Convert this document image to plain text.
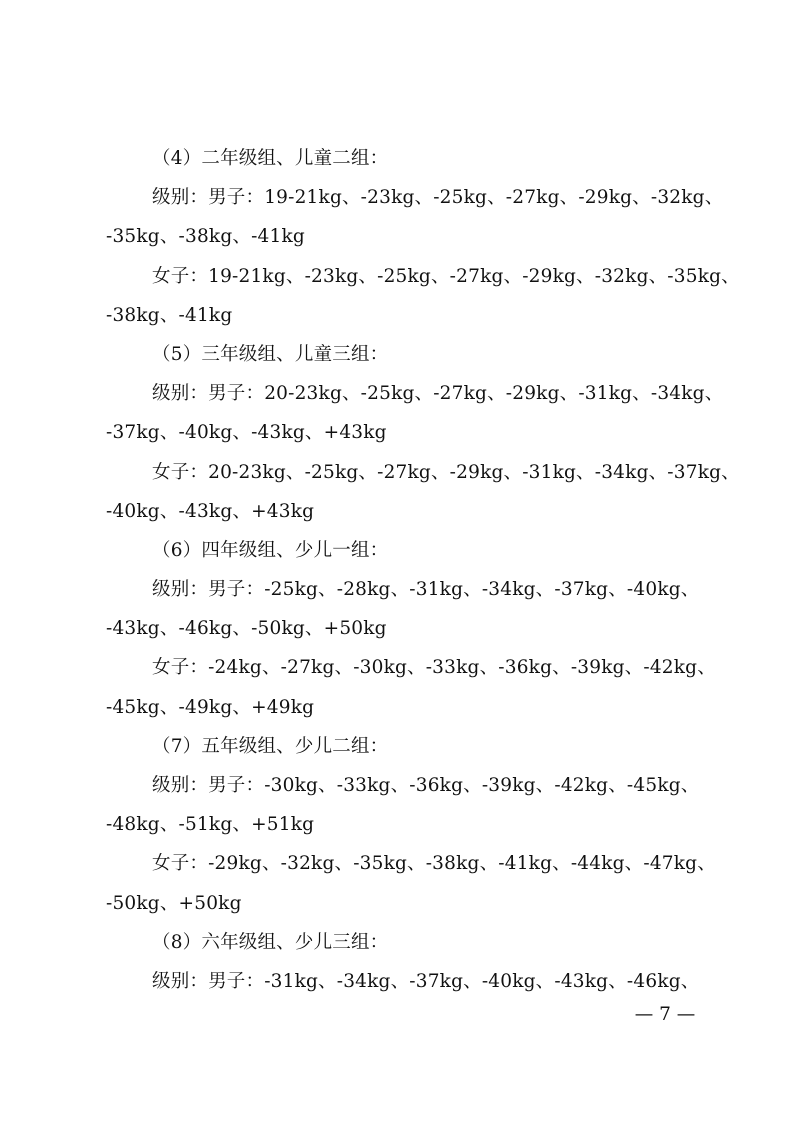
（4）二年级组、儿童二组：
级别：男子：19-21kg、-23kg、-25kg、-27kg、-29kg、-32kg、
-35kg、-38kg、-41kg
女子：19-21kg、-23kg、-25kg、-27kg、-29kg、-32kg、-35kg、
-38kg、-41kg
（5）三年级组、儿童三组：
级别：男子：20-23kg、-25kg、-27kg、-29kg、-31kg、-34kg、
-37kg、-40kg、-43kg、+43kg
女子：20-23kg、-25kg、-27kg、-29kg、-31kg、-34kg、-37kg、
-40kg、-43kg、+43kg
（6）四年级组、少儿一组：
级别：男子：-25kg、-28kg、-31kg、-34kg、-37kg、-40kg、
-43kg、-46kg、-50kg、+50kg
女子：-24kg、-27kg、-30kg、-33kg、-36kg、-39kg、-42kg、
-45kg、-49kg、+49kg
（7）五年级组、少儿二组：
级别：男子：-30kg、-33kg、-36kg、-39kg、-42kg、-45kg、
-48kg、-51kg、+51kg
女子：-29kg、-32kg、-35kg、-38kg、-41kg、-44kg、-47kg、
-50kg、+50kg
（8）六年级组、少儿三组：
级别：男子：-31kg、-34kg、-37kg、-40kg、-43kg、-46kg、
— 7 —
